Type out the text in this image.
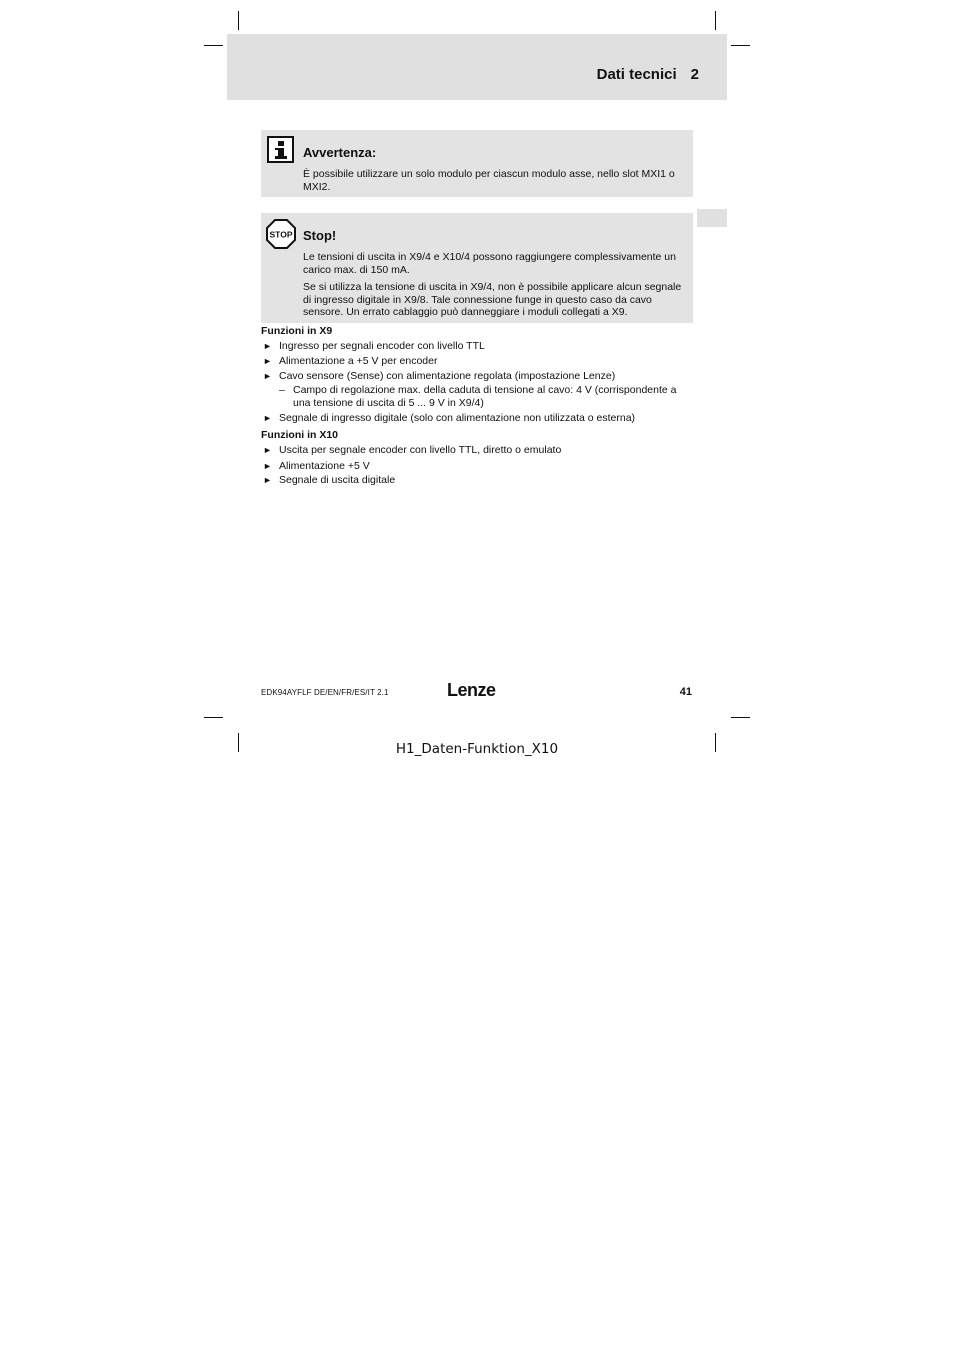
Dati tecnici 2
Avvertenza:
È possibile utilizzare un solo modulo per ciascun modulo asse, nello slot MXI1 o MXI2.
STOP Stop!
Le tensioni di uscita in X9/4 e X10/4 possono raggiungere complessivamente un carico max. di 150 mA.
Se si utilizza la tensione di uscita in X9/4, non è possibile applicare alcun segnale di ingresso digitale in X9/8. Tale connessione funge in questo caso da cavo sensore. Un errato cablaggio può danneggiare i moduli collegati a X9.
Funzioni in X9
► Ingresso per segnali encoder con livello TTL
► Alimentazione a +5 V per encoder
► Cavo sensore (Sense) con alimentazione regolata (impostazione Lenze)
– Campo di regolazione max. della caduta di tensione al cavo: 4 V (corrispondente a una tensione di uscita di 5 ... 9 V in X9/4)
► Segnale di ingresso digitale (solo con alimentazione non utilizzata o esterna)
Funzioni in X10
► Uscita per segnale encoder con livello TTL, diretto o emulato
► Alimentazione +5 V
► Segnale di uscita digitale
EDK94AYFLF DE/EN/FR/ES/IT 2.1	Lenze	41
H1_Daten-Funktion_X10
